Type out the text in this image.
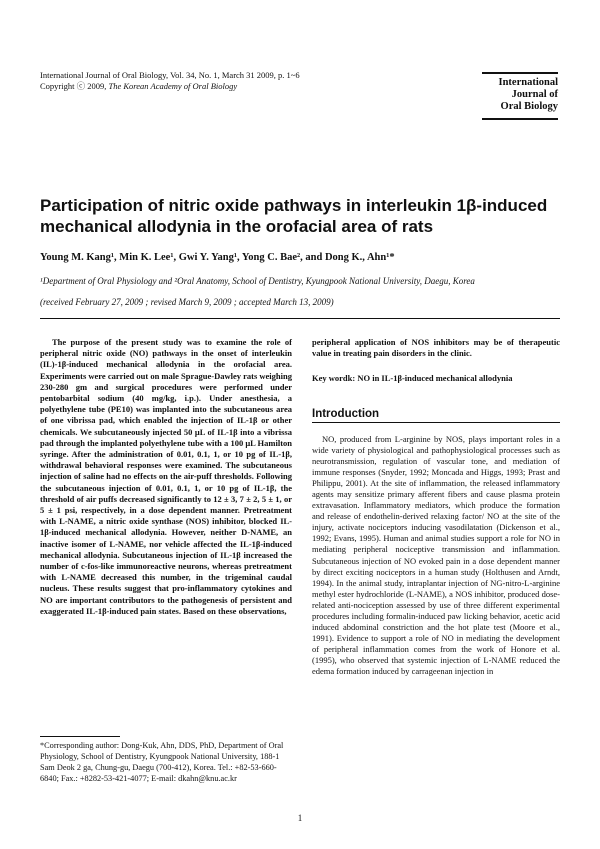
International Journal of Oral Biology, Vol. 34, No. 1, March 31 2009, p. 1~6
Copyright ⓒ 2009, The Korean Academy of Oral Biology	International
Journal of
Oral Biology
Participation of nitric oxide pathways in interleukin 1β-induced mechanical allodynia in the orofacial area of rats
Young M. Kang¹, Min K. Lee¹, Gwi Y. Yang¹, Yong C. Bae², and Dong K., Ahn¹*
¹Department of Oral Physiology and ²Oral Anatomy, School of Dentistry, Kyungpook National University, Daegu, Korea
(received February 27, 2009 ; revised March 9, 2009 ; accepted March 13, 2009)
The purpose of the present study was to examine the role of peripheral nitric oxide (NO) pathways in the onset of interleukin (IL)-1β-induced mechanical allodynia in the orofacial area. Experiments were carried out on male Sprague-Dawley rats weighing 230-280 gm and surgical procedures were performed under pentobarbital sodium (40 mg/kg, i.p.). Under anesthesia, a polyethylene tube (PE10) was implanted into the subcutaneous area of one vibrissa pad, which enabled the injection of IL-1β or other chemicals. We subcutaneously injected 50 μL of IL-1β into a vibrissa pad through the implanted polyethylene tube with a 100 μL Hamilton syringe. After the administration of 0.01, 0.1, 1, or 10 pg of IL-1β, withdrawal behavioral responses were examined. The subcutaneous injection of saline had no effects on the air-puff thresholds. Following the subcutaneous injection of 0.01, 0.1, 1, or 10 pg of IL-1β, the threshold of air puffs decreased significantly to 12 ± 3, 7 ± 2, 5 ± 1, or 5 ± 1 psi, respectively, in a dose dependent manner. Pretreatment with L-NAME, a nitric oxide synthase (NOS) inhibitor, blocked IL-1β-induced mechanical allodynia. However, neither D-NAME, an inactive isomer of L-NAME, nor vehicle affected the IL-1β-induced mechanical allodynia. Subcutaneous injection of IL-1β increased the number of c-fos-like immunoreactive neurons, whereas pretreatment with L-NAME decreased this number, in the trigeminal caudal nucleus. These results suggest that pro-inflammatory cytokines and NO are important contributors to the pathogenesis of persistent and exaggerated IL-1β-induced pain states. Based on these observations,
peripheral application of NOS inhibitors may be of therapeutic value in treating pain disorders in the clinic.
Key wordk: NO in IL-1β-induced mechanical allodynia
Introduction
NO, produced from L-arginine by NOS, plays important roles in a wide variety of physiological and pathophysiological processes such as neurotransmission, regulation of vascular tone, and mediation of immune responses (Snyder, 1992; Moncada and Higgs, 1993; Prast and Philippu, 2001). At the site of inflammation, the released inflammatory agents may sensitize primary afferent fibers and cause plasma protein extravasation. Inflammatory mediators, which produce the formation and release of endothelin-derived relaxing factor/ NO at the site of the injury, activate nociceptors inducing vasodilatation (Dickenson et al., 1992; Evans, 1995). Human and animal studies support a role for NO in mediating peripheral nociceptive transmission and inflammation. Subcutaneous injection of NO evoked pain in a dose dependent manner by direct exciting nociceptors in a human study (Holthusen and Arndt, 1994). In the animal study, intraplantar injection of NG-nitro-L-arginine methyl ester hydrochloride (L-NAME), a NOS inhibitor, produced dose-related anti-nociception assessed by use of three different experimental procedures including formalin-induced paw licking behavior, acetic acid induced abdominal constriction and the hot plate test (Moore et al., 1991). Evidence to support a role of NO in mediating the development of peripheral inflammation comes from the work of Honore et al. (1995), who observed that systemic injection of L-NAME reduced the edema formation induced by carrageenan injection in
*Corresponding author: Dong-Kuk, Ahn, DDS, PhD, Department of Oral Physiology, School of Dentistry, Kyungpook National University, 188-1 Sam Deok 2 ga, Chung-gu, Daegu (700-412), Korea. Tel.: +82-53-660-6840; Fax.: +8282-53-421-4077; E-mail: dkahn@knu.ac.kr
1
